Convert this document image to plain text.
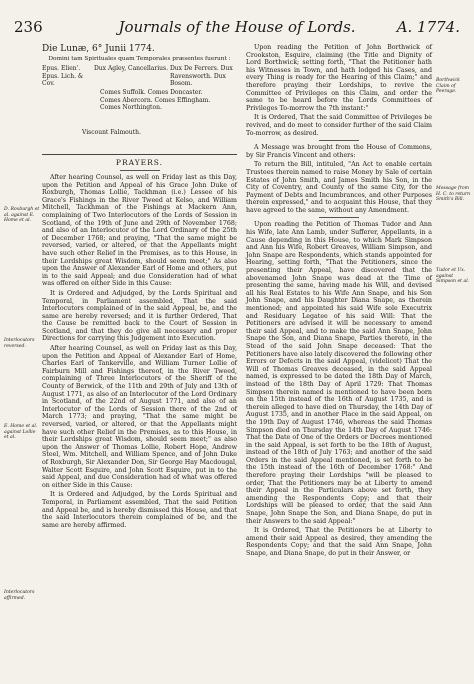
236	Journals of the House of Lords.	A. 1774.
D. Roxburgh et al. against E. Home et al.
Interlocutors reversed.
E. Home et al. against Lollie et al.
Interlocutors affirmed.

Die Lunæ, 6° Junii 1774.

Domini tam Spirituales quam Temporales præsentes fuerunt :

Epus. Elien'. Epus. Lich. & Cov.
Dux Agley, Cancellarius. Dux De Ferrers. Dux Ravensworth. Dux Bosom.
Comes Suffolk. Comes Doncaster. Comes Abercorn. Comes Effingham. Comes Northington.
Viscount Falmouth.
PRAYERS.

After hearing Counsel, as well on Friday last as this Day, upon the Petition and Appeal of his Grace John Duke of Roxburgh, Thomas Lollie, Tackhman (i.e.) Lessee of his Grace's Fishings in the River Tweed at Kelso, and William Mitchell, Tackhman of the Fishings at Mackern Ann, complaining of Two Interlocutors of the Lords of Session in Scotland, of the 19th of June and 29th of November 1768; and also of an Interlocutor of the Lord Ordinary of the 25th of December 1768; and praying, "That the same might be reversed, varied, or altered, or that the Appellants might have such other Relief in the Premises, as to this House, in their Lordships great Wisdom, should seem meet;" As also upon the Answer of Alexander Earl of Home and others, put in to the said Appeal; and due Consideration had of what was offered on either Side in this Cause:

It is Ordered and Adjudged, by the Lords Spiritual and Temporal, in Parliament assembled, That the said Interlocutors complained of in the said Appeal, be, and the same are hereby reversed; and it is further Ordered, That the Cause be remitted back to the Court of Session in Scotland, and that they do give all necessary and proper Directions for carrying this Judgement into Execution.

After hearing Counsel, as well on Friday last as this Day, upon the Petition and Appeal of Alexander Earl of Home, Charles Earl of Tankerville, and William Turner Lollie of Fairburn Mill and Fishings thereof, in the River Tweed, complaining of Three Interlocutors of the Sheriff of the County of Berwick, of the 11th and 29th of July and 13th of August 1771, as also of an Interlocutor of the Lord Ordinary in Scotland, of the 22nd of August 1771, and also of an Interlocutor of the Lords of Session there of the 2nd of March 1773; and praying, "That the same might be reversed, varied, or altered, or that the Appellants might have such other Relief in the Premises, as to this House, in their Lordships great Wisdom, should seem meet;" as also upon the Answer of Thomas Lollie, Robert Hope, Andrew Steel, Wm. Mitchell, and William Spence, and of John Duke of Roxburgh, Sir Alexander Don, Sir George Hay Macdougal, Walter Scott Esquire, and John Scott Esquire, put in to the said Appeal, and due Consideration had of what was offered on either Side in this Cause:

It is Ordered and Adjudged, by the Lords Spiritual and Temporal, in Parliament assembled, That the said Petition and Appeal be, and is hereby dismissed this House, and that the said Interlocutors therein complained of be, and the same are hereby affirmed.

Borthwick Claim of Peerage.
Message from H. C. to return Smith's Bill.
Tudor et Ux. against Simpson et al.

Upon reading the Petition of John Borthwick of Crookston, Esquire, claiming (the Title and Dignity of Lord Borthwick; setting forth, "That the Petitioner hath his Witnesses in Town, and hath lodged his Cases, and every Thing is ready for the Hearing of this Claim;" and therefore praying their Lordships, to revive the Committee of Privileges on this Claim, and order the same to be heard before the Lords Committees of Privileges To-morrow the 7th instant:"

It is Ordered, That the said Committee of Privileges be revived, and do meet to consider further of the said Claim To-morrow, as desired.

A Message was brought from the House of Commons, by Sir Francis Vincent and others:

To return the Bill, intituled, "An Act to enable certain Trustees therein named to raise Money by Sale of certain Estates of John Smith, and James Smith his Son, in the City of Coventry, and County of the same City, for the Payment of Debts and Incumbrances, and other Purposes therein expressed," and to acquaint this House, that they have agreed to the same, without any Amendment.

Upon reading the Petition of Thomas Tudor and Ann his Wife, late Ann Lamb, under Sufferer, Appellants, in a Cause depending in this House, to which Mark Simpson and Ann his Wife, Robert Greaves, William Simpson, and John Snape are Respondents, which stands appointed for Hearing, setting forth, "That the Petitioners, since the presenting their Appeal, have discovered that the abovenamed John Snape was dead at the Time of presenting the same, having made his Will, and devised all his Real Estates to his Wife Ann Snape, and his Son John Snape, and his Daughter Diana Snape, as therein mentioned; and appointed his said Wife sole Executrix and Residuary Legatee of his said Will: That the Petitioners are advised it will be necessary to amend their said Appeal, and to make the said Ann Snape, John Snape the Son, and Diana Snape, Parties thereto, in the Stead of the said John Snape deceased: That the Petitioners have also lately discovered the following other Errors or Defects in the said Appeal, (videlicet) That the Will of Thomas Greaves deceased, in the said Appeal named, is expressed to be dated the 18th Day of March, instead of the 18th Day of April 1729: That Thomas Simpson therein named is mentioned to have been born on the 15th instead of the 16th of August 1735, and is therein alleged to have died on Thursday, the 14th Day of August 1735, and in another Place in the said Appeal, on the 19th Day of August 1746, whereas the said Thomas Simpson died on Thursday the 14th Day of August 1746: That the Date of One of the Orders or Decrees mentioned in the said Appeal, is set forth to be the 18th of August, instead of the 18th of July 1763; and another of the said Orders in the said Appeal mentioned, is set forth to be the 15th instead of the 16th of December 1768:" And therefore praying their Lordships "will be pleased to order, That the Petitioners may be at Liberty to amend their Appeal in the Particulars above set forth, they amending the Respondents Copy; and that their Lordships will be pleased to order, that the said Ann Snape, John Snape the Son, and Diana Snape, do put in their Answers to the said Appeal:"

It is Ordered, That the Petitioners be at Liberty to amend their said Appeal as desired, they amending the Respondents Copy; and that the said Ann Snape, John Snape, and Diana Snape, do put in their Answer, or
